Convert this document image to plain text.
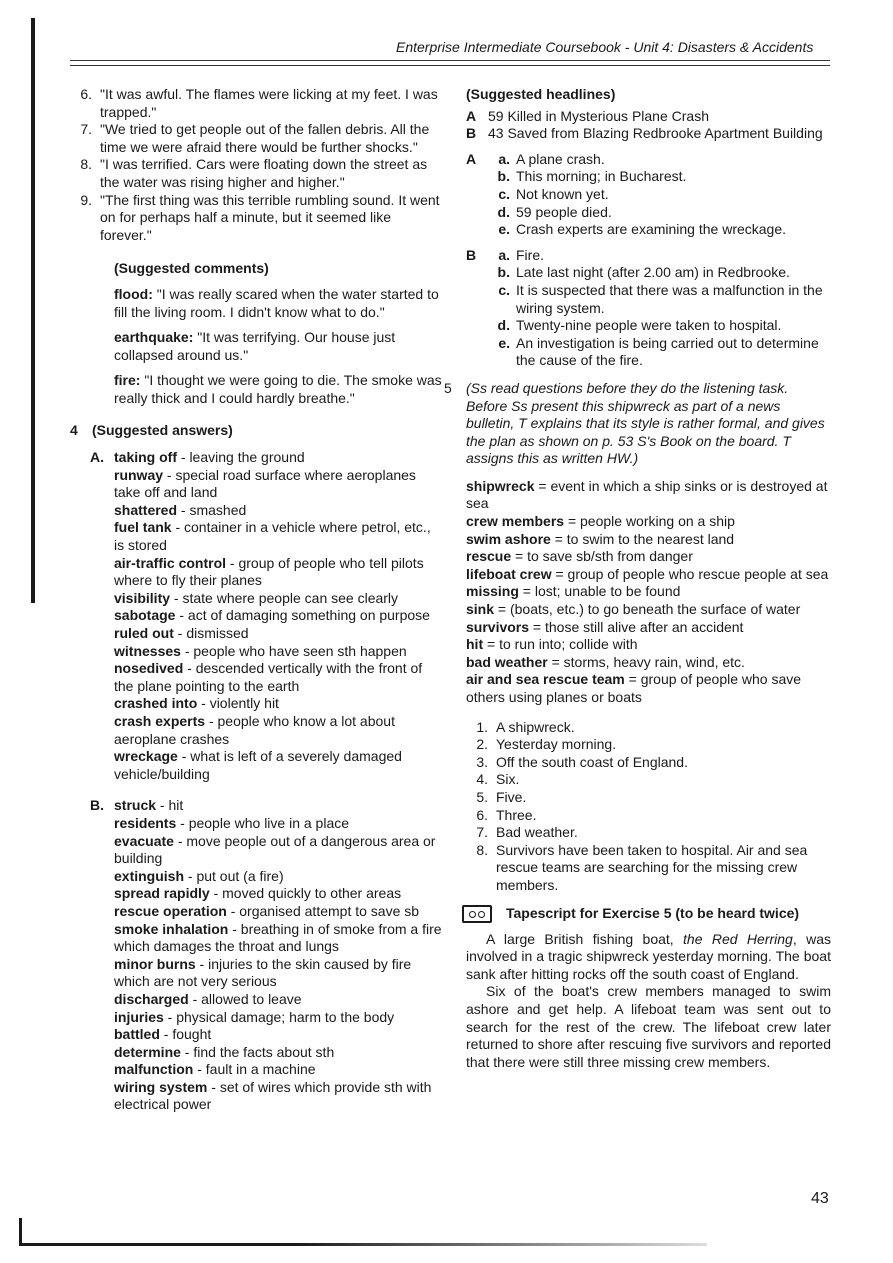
Enterprise Intermediate Coursebook - Unit 4: Disasters & Accidents
6. "It was awful. The flames were licking at my feet. I was trapped."
7. "We tried to get people out of the fallen debris. All the time we were afraid there would be further shocks."
8. "I was terrified. Cars were floating down the street as the water was rising higher and higher."
9. "The first thing was this terrible rumbling sound. It went on for perhaps half a minute, but it seemed like forever."
(Suggested comments)
flood: "I was really scared when the water started to fill the living room. I didn't know what to do."
earthquake: "It was terrifying. Our house just collapsed around us."
fire: "I thought we were going to die. The smoke was really thick and I could hardly breathe."
4	(Suggested answers)
A. taking off - leaving the ground
runway - special road surface where aeroplanes take off and land
shattered - smashed
fuel tank - container in a vehicle where petrol, etc., is stored
air-traffic control - group of people who tell pilots where to fly their planes
visibility - state where people can see clearly
sabotage - act of damaging something on purpose
ruled out - dismissed
witnesses - people who have seen sth happen
nosedived - descended vertically with the front of the plane pointing to the earth
crashed into - violently hit
crash experts - people who know a lot about aeroplane crashes
wreckage - what is left of a severely damaged vehicle/building
B. struck - hit
residents - people who live in a place
evacuate - move people out of a dangerous area or building
extinguish - put out (a fire)
spread rapidly - moved quickly to other areas
rescue operation - organised attempt to save sb
smoke inhalation - breathing in of smoke from a fire which damages the throat and lungs
minor burns - injuries to the skin caused by fire which are not very serious
discharged - allowed to leave
injuries - physical damage; harm to the body
battled - fought
determine - find the facts about sth
malfunction - fault in a machine
wiring system - set of wires which provide sth with electrical power
(Suggested headlines)
A 59 Killed in Mysterious Plane Crash
B 43 Saved from Blazing Redbrooke Apartment Building
A	a. A plane crash.
b. This morning; in Bucharest.
c. Not known yet.
d. 59 people died.
e. Crash experts are examining the wreckage.
B	a. Fire.
b. Late last night (after 2.00 am) in Redbrooke.
c. It is suspected that there was a malfunction in the wiring system.
d. Twenty-nine people were taken to hospital.
e. An investigation is being carried out to determine the cause of the fire.
5	(Ss read questions before they do the listening task. Before Ss present this shipwreck as part of a news bulletin, T explains that its style is rather formal, and gives the plan as shown on p. 53 S's Book on the board. T assigns this as written HW.)
shipwreck = event in which a ship sinks or is destroyed at sea
crew members = people working on a ship
swim ashore = to swim to the nearest land
rescue = to save sb/sth from danger
lifeboat crew = group of people who rescue people at sea
missing = lost; unable to be found
sink = (boats, etc.) to go beneath the surface of water
survivors = those still alive after an accident
hit = to run into; collide with
bad weather = storms, heavy rain, wind, etc.
air and sea rescue team = group of people who save others using planes or boats
1. A shipwreck.
2. Yesterday morning.
3. Off the south coast of England.
4. Six.
5. Five.
6. Three.
7. Bad weather.
8. Survivors have been taken to hospital. Air and sea rescue teams are searching for the missing crew members.
Tapescript for Exercise 5 (to be heard twice)

A large British fishing boat, the Red Herring, was involved in a tragic shipwreck yesterday morning. The boat sank after hitting rocks off the south coast of England.

Six of the boat's crew members managed to swim ashore and get help. A lifeboat team was sent out to search for the rest of the crew. The lifeboat crew later returned to shore after rescuing five survivors and reported that there were still three missing crew members.

43
